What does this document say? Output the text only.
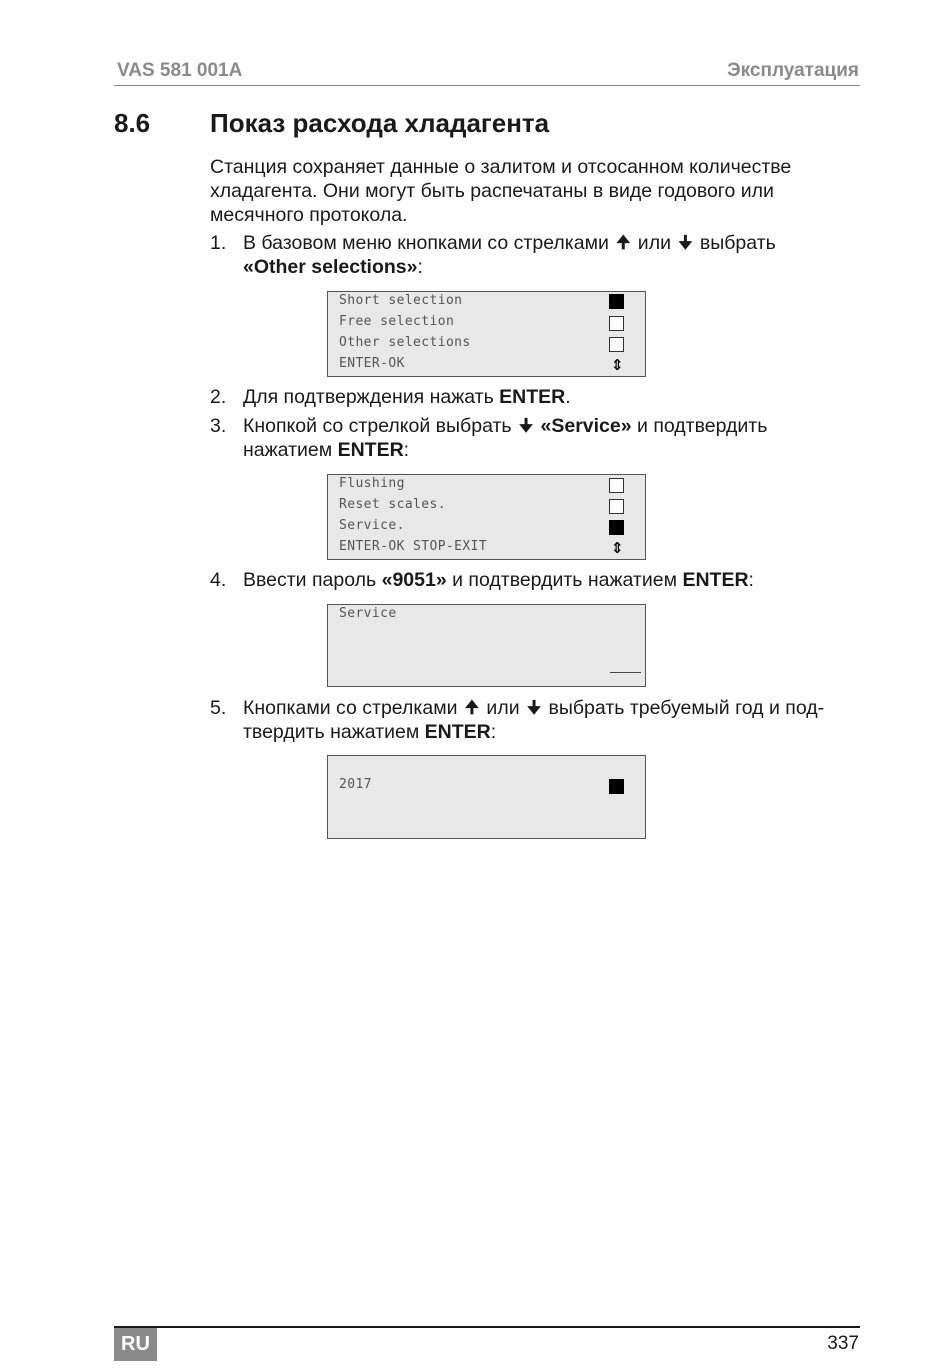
VAS 581 001A	Эксплуатация
8.6 Показ расхода хладагента
Станция сохраняет данные о залитом и отсосанном количестве
хладагента. Они могут быть распечатаны в виде годового или
месячного протокола.
1. В базовом меню кнопками со стрелками 🠉 или 🠋 выбрать
«Other selections»:
Short selection
Free selection
Other selections
ENTER-OK	⇕
2. Для подтверждения нажать ENTER.
3. Кнопкой со стрелкой выбрать 🠋 «Service» и подтвердить
нажатием ENTER:
Flushing
Reset scales.
Service.
ENTER-OK STOP-EXIT	⇕
4. Ввести пароль «9051» и подтвердить нажатием ENTER:
Service
5. Кнопками со стрелками 🠉 или 🠋 выбрать требуемый год и под-
твердить нажатием ENTER:
2017
RU	337
